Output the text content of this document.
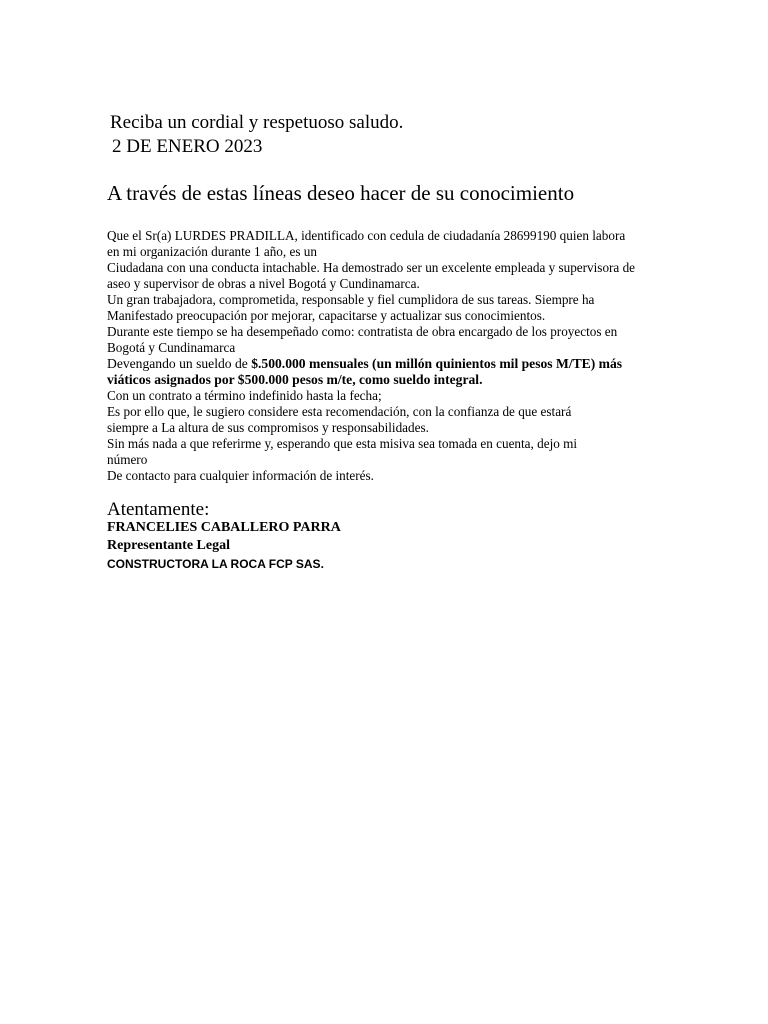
Reciba un cordial y respetuoso saludo.
2 DE ENERO 2023
A través de estas líneas deseo hacer de su conocimiento
Que el Sr(a) LURDES PRADILLA, identificado con cedula de ciudadanía 28699190 quien labora
en mi organización durante 1 año, es un
Ciudadana con una conducta intachable. Ha demostrado ser un excelente empleada y supervisora de
aseo y supervisor de obras a nivel Bogotá y Cundinamarca.
Un gran trabajadora, comprometida, responsable y fiel cumplidora de sus tareas. Siempre ha
Manifestado preocupación por mejorar, capacitarse y actualizar sus conocimientos.
Durante este tiempo se ha desempeñado como: contratista de obra encargado de los proyectos en
Bogotá y Cundinamarca
Devengando un sueldo de $.500.000 mensuales (un millón quinientos mil pesos M/TE) más
viáticos asignados por $500.000 pesos m/te, como sueldo integral.
Con un contrato a término indefinido hasta la fecha;
Es por ello que, le sugiero considere esta recomendación, con la confianza de que estará
siempre a La altura de sus compromisos y responsabilidades.
Sin más nada a que referirme y, esperando que esta misiva sea tomada en cuenta, dejo mi
número
De contacto para cualquier información de interés.
Atentamente:
FRANCELIES CABALLERO PARRA
Representante Legal
CONSTRUCTORA LA ROCA FCP SAS.
